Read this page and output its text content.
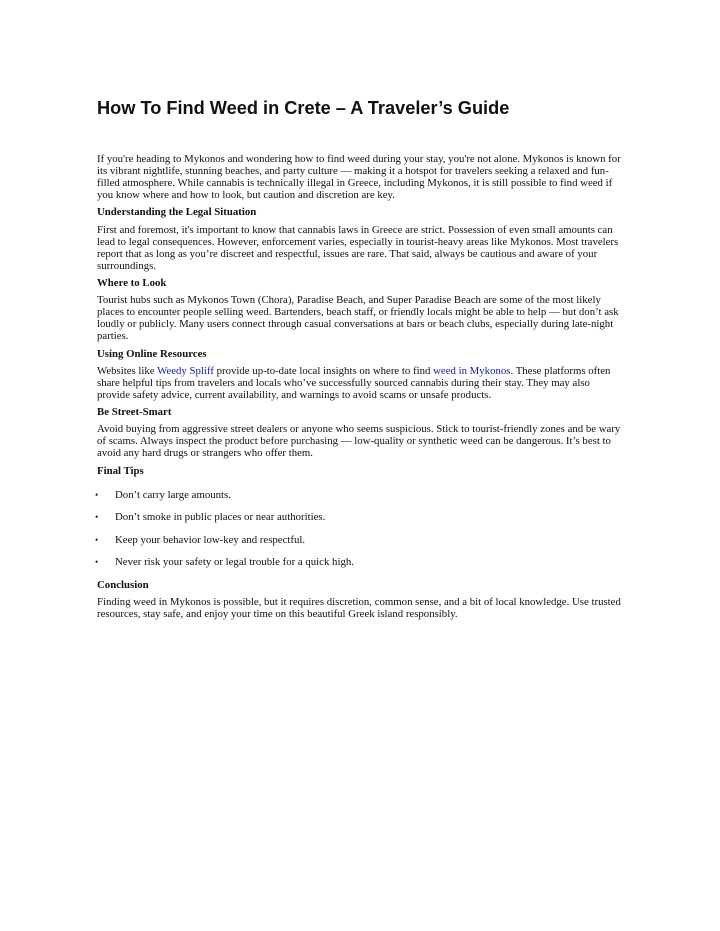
How To Find Weed in Crete – A Traveler’s Guide

If you're heading to Mykonos and wondering how to find weed during your stay, you're not alone. Mykonos is known for its vibrant nightlife, stunning beaches, and party culture — making it a hotspot for travelers seeking a relaxed and fun-filled atmosphere. While cannabis is technically illegal in Greece, including Mykonos, it is still possible to find weed if you know where and how to look, but caution and discretion are key.

Understanding the Legal Situation

First and foremost, it's important to know that cannabis laws in Greece are strict. Possession of even small amounts can lead to legal consequences. However, enforcement varies, especially in tourist-heavy areas like Mykonos. Most travelers report that as long as you’re discreet and respectful, issues are rare. That said, always be cautious and aware of your surroundings.

Where to Look

Tourist hubs such as Mykonos Town (Chora), Paradise Beach, and Super Paradise Beach are some of the most likely places to encounter people selling weed. Bartenders, beach staff, or friendly locals might be able to help — but don’t ask loudly or publicly. Many users connect through casual conversations at bars or beach clubs, especially during late-night parties.

Using Online Resources

Websites like Weedy Spliff provide up-to-date local insights on where to find weed in Mykonos. These platforms often share helpful tips from travelers and locals who’ve successfully sourced cannabis during their stay. They may also provide safety advice, current availability, and warnings to avoid scams or unsafe products.

Be Street-Smart

Avoid buying from aggressive street dealers or anyone who seems suspicious. Stick to tourist-friendly zones and be wary of scams. Always inspect the product before purchasing — low-quality or synthetic weed can be dangerous. It’s best to avoid any hard drugs or strangers who offer them.

Final Tips
• Don’t carry large amounts.
• Don’t smoke in public places or near authorities.
• Keep your behavior low-key and respectful.
• Never risk your safety or legal trouble for a quick high.
Conclusion

Finding weed in Mykonos is possible, but it requires discretion, common sense, and a bit of local knowledge. Use trusted resources, stay safe, and enjoy your time on this beautiful Greek island responsibly.
